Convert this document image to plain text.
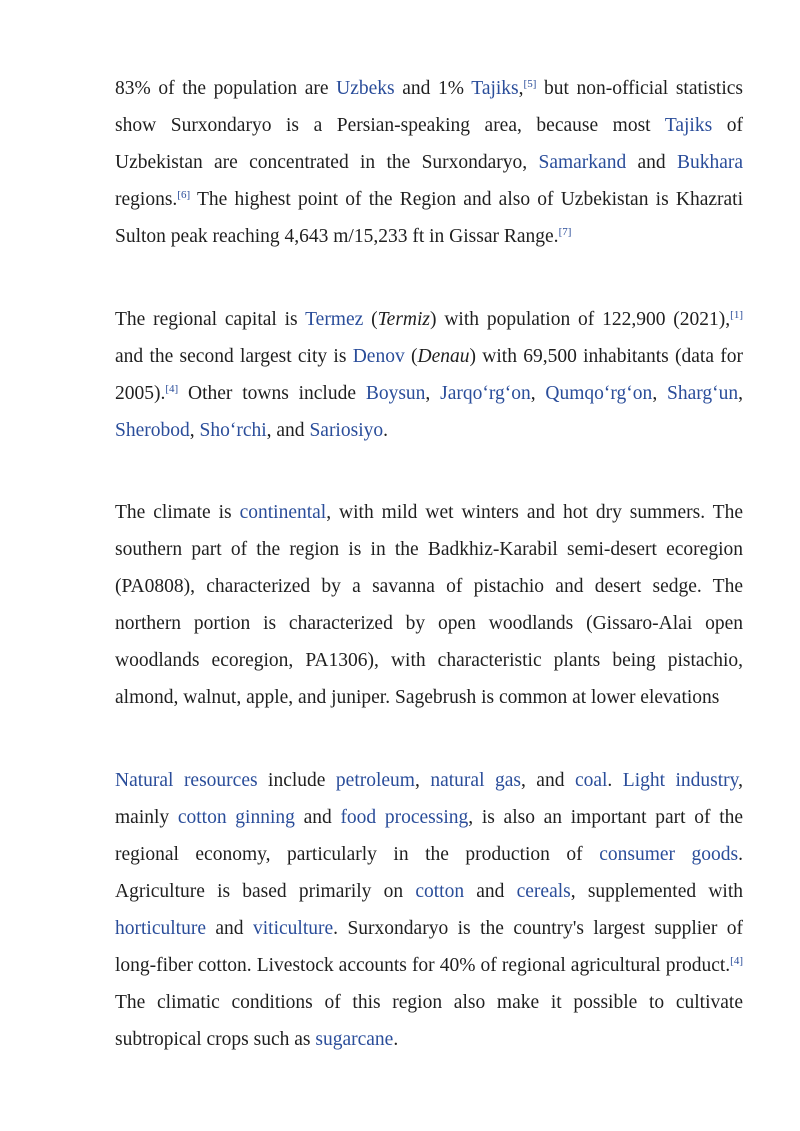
83% of the population are Uzbeks and 1% Tajiks,[5] but non-official statistics show Surxondaryo is a Persian-speaking area, because most Tajiks of Uzbekistan are concentrated in the Surxondaryo, Samarkand and Bukhara regions.[6] The highest point of the Region and also of Uzbekistan is Khazrati Sulton peak reaching 4,643 m/15,233 ft in Gissar Range.[7]

The regional capital is Termez (Termiz) with population of 122,900 (2021),[1] and the second largest city is Denov (Denau) with 69,500 inhabitants (data for 2005).[4] Other towns include Boysun, Jarqo‘rg‘on, Qumqo‘rg‘on, Sharg‘un, Sherobod, Sho‘rchi, and Sariosiyo.

The climate is continental, with mild wet winters and hot dry summers. The southern part of the region is in the Badkhiz-Karabil semi-desert ecoregion (PA0808), characterized by a savanna of pistachio and desert sedge. The northern portion is characterized by open woodlands (Gissaro-Alai open woodlands ecoregion, PA1306), with characteristic plants being pistachio, almond, walnut, apple, and juniper. Sagebrush is common at lower elevations

Natural resources include petroleum, natural gas, and coal. Light industry, mainly cotton ginning and food processing, is also an important part of the regional economy, particularly in the production of consumer goods. Agriculture is based primarily on cotton and cereals, supplemented with horticulture and viticulture. Surxondaryo is the country's largest supplier of long-fiber cotton. Livestock accounts for 40% of regional agricultural product.[4] The climatic conditions of this region also make it possible to cultivate subtropical crops such as sugarcane.
